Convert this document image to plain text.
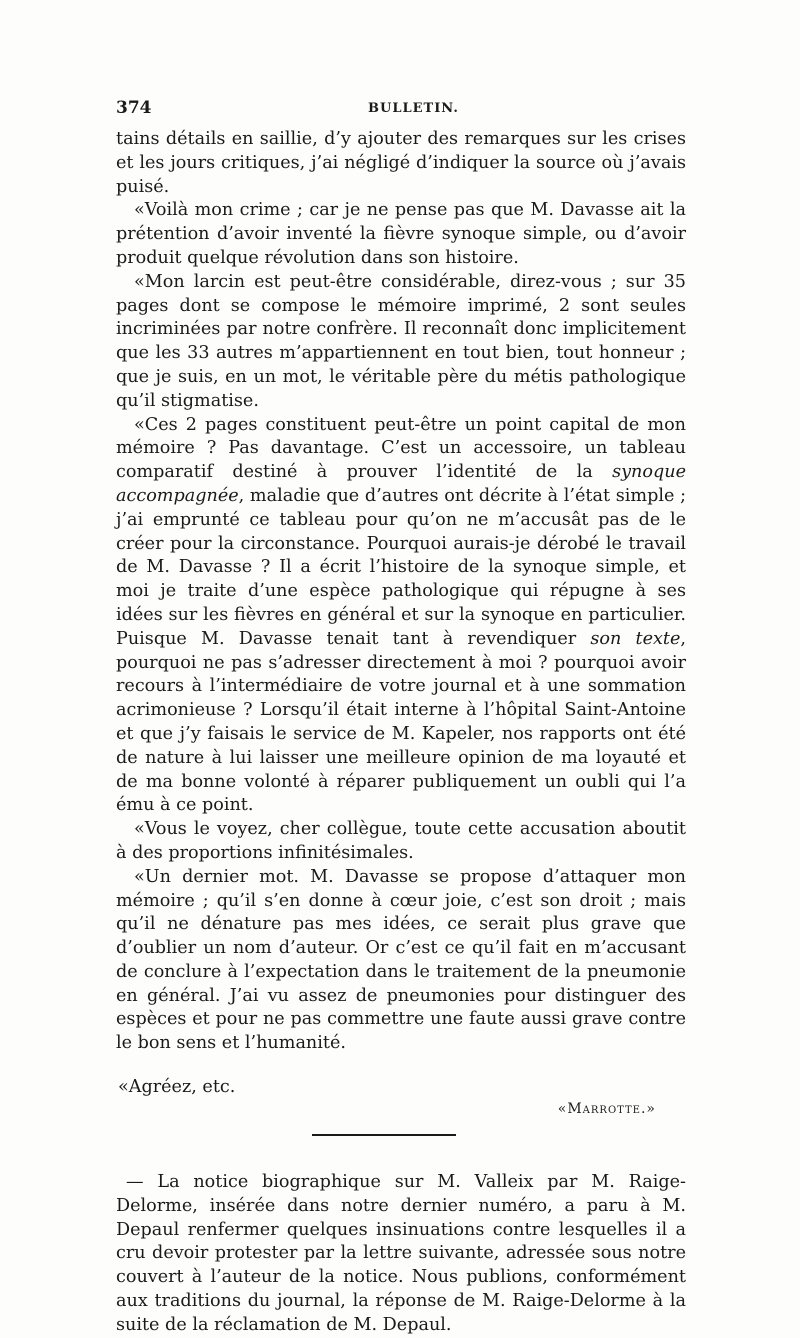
374	BULLETIN.

tains détails en saillie, d’y ajouter des remarques sur les crises et les jours critiques, j’ai négligé d’indiquer la source où j’avais puisé.

«Voilà mon crime ; car je ne pense pas que M. Davasse ait la prétention d’avoir inventé la fièvre synoque simple, ou d’avoir produit quelque révolution dans son histoire.

«Mon larcin est peut-être considérable, direz-vous ; sur 35 pages dont se compose le mémoire imprimé, 2 sont seules incriminées par notre confrère. Il reconnaît donc implicitement que les 33 autres m’appartiennent en tout bien, tout honneur ; que je suis, en un mot, le véritable père du métis pathologique qu’il stigmatise.

«Ces 2 pages constituent peut-être un point capital de mon mémoire ? Pas davantage. C’est un accessoire, un tableau comparatif destiné à prouver l’identité de la synoque accompagnée, maladie que d’autres ont décrite à l’état simple ; j’ai emprunté ce tableau pour qu’on ne m’accusât pas de le créer pour la circonstance. Pourquoi aurais-je dérobé le travail de M. Davasse ? Il a écrit l’histoire de la synoque simple, et moi je traite d’une espèce pathologique qui répugne à ses idées sur les fièvres en général et sur la synoque en particulier. Puisque M. Davasse tenait tant à revendiquer son texte, pourquoi ne pas s’adresser directement à moi ? pourquoi avoir recours à l’intermédiaire de votre journal et à une sommation acrimonieuse ? Lorsqu’il était interne à l’hôpital Saint-Antoine et que j’y faisais le service de M. Kapeler, nos rapports ont été de nature à lui laisser une meilleure opinion de ma loyauté et de ma bonne volonté à réparer publiquement un oubli qui l’a ému à ce point.

«Vous le voyez, cher collègue, toute cette accusation aboutit à des proportions infinitésimales.

«Un dernier mot. M. Davasse se propose d’attaquer mon mémoire ; qu’il s’en donne à cœur joie, c’est son droit ; mais qu’il ne dénature pas mes idées, ce serait plus grave que d’oublier un nom d’auteur. Or c’est ce qu’il fait en m’accusant de conclure à l’expectation dans le traitement de la pneumonie en général. J’ai vu assez de pneumonies pour distinguer des espèces et pour ne pas commettre une faute aussi grave contre le bon sens et l’humanité.

«Agréez, etc.
«Marrotte.»

— La notice biographique sur M. Valleix par M. Raige-Delorme, insérée dans notre dernier numéro, a paru à M. Depaul renfermer quelques insinuations contre lesquelles il a cru devoir protester par la lettre suivante, adressée sous notre couvert à l’auteur de la notice. Nous publions, conformément aux traditions du journal, la réponse de M. Raige-Delorme à la suite de la réclamation de M. Depaul.
